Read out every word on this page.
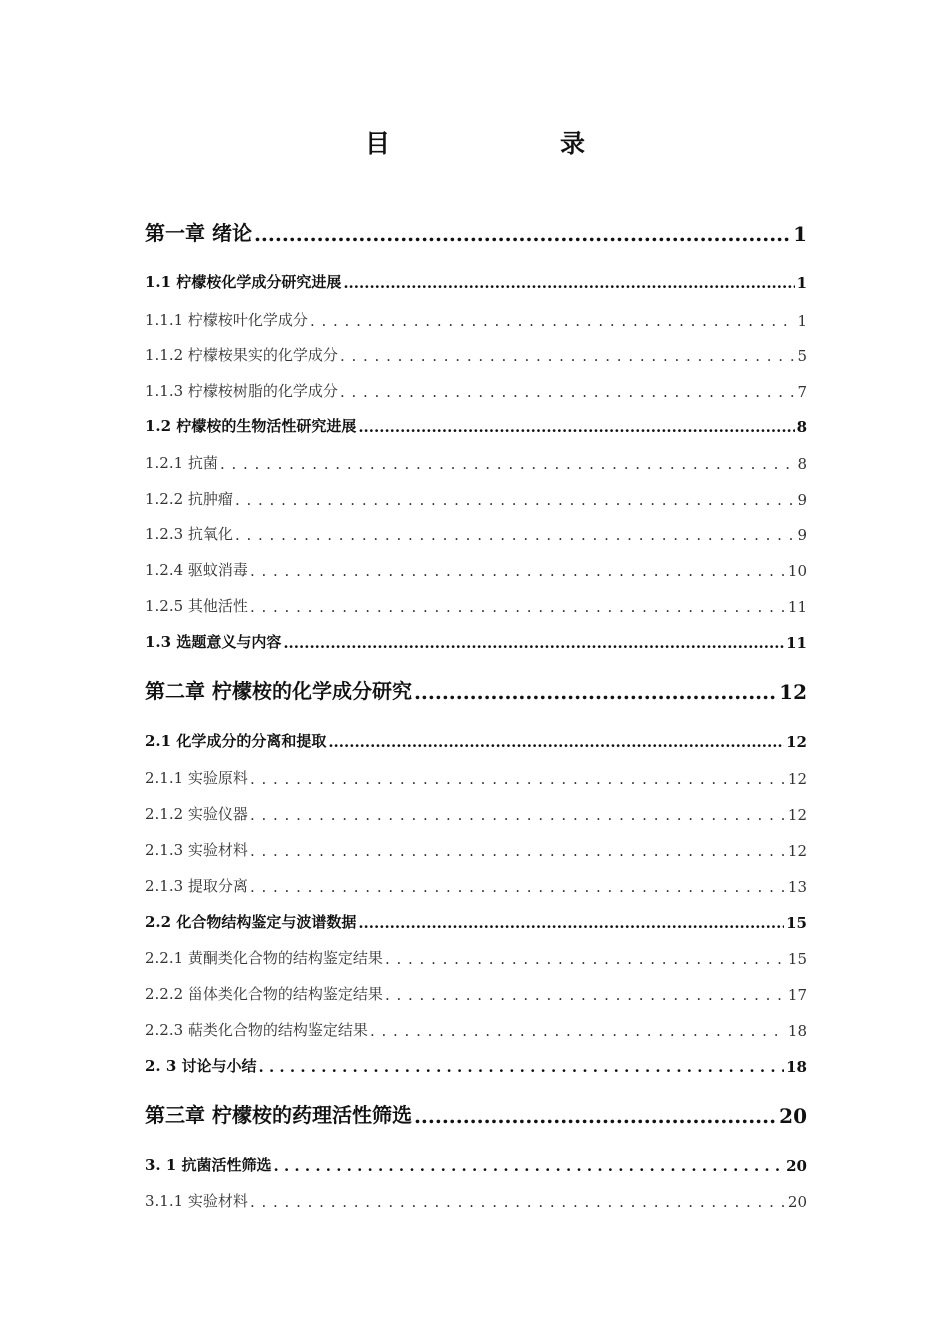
目　　录
第一章 绪论 .....	1
1.1 柠檬桉化学成分研究进展 .....	1
1.1.1 柠檬桉叶化学成分 . . .	1
1.1.2 柠檬桉果实的化学成分 . . .	5
1.1.3 柠檬桉树脂的化学成分 . . .	7
1.2 柠檬桉的生物活性研究进展 .....	8
1.2.1 抗菌 . . .	8
1.2.2 抗肿瘤 . . .	9
1.2.3 抗氧化 . . .	9
1.2.4 驱蚊消毒 . . .	10
1.2.5 其他活性 . . .	11
1.3 选题意义与内容 .....	11
第二章 柠檬桉的化学成分研究 .....	12
2.1 化学成分的分离和提取 .....	12
2.1.1 实验原料 . . .	12
2.1.2 实验仪器 . . .	12
2.1.3 实验材料 . . .	12
2.1.3 提取分离 . . .	13
2.2 化合物结构鉴定与波谱数据 .....	15
2.2.1 黄酮类化合物的结构鉴定结果 . . .	15
2.2.2 甾体类化合物的结构鉴定结果 . . .	17
2.2.3 萜类化合物的结构鉴定结果 . . .	18
2. 3 讨论与小结 . . .	18
第三章 柠檬桉的药理活性筛选 .....	20
3. 1 抗菌活性筛选 . . .	20
3.1.1 实验材料 . . .	20
